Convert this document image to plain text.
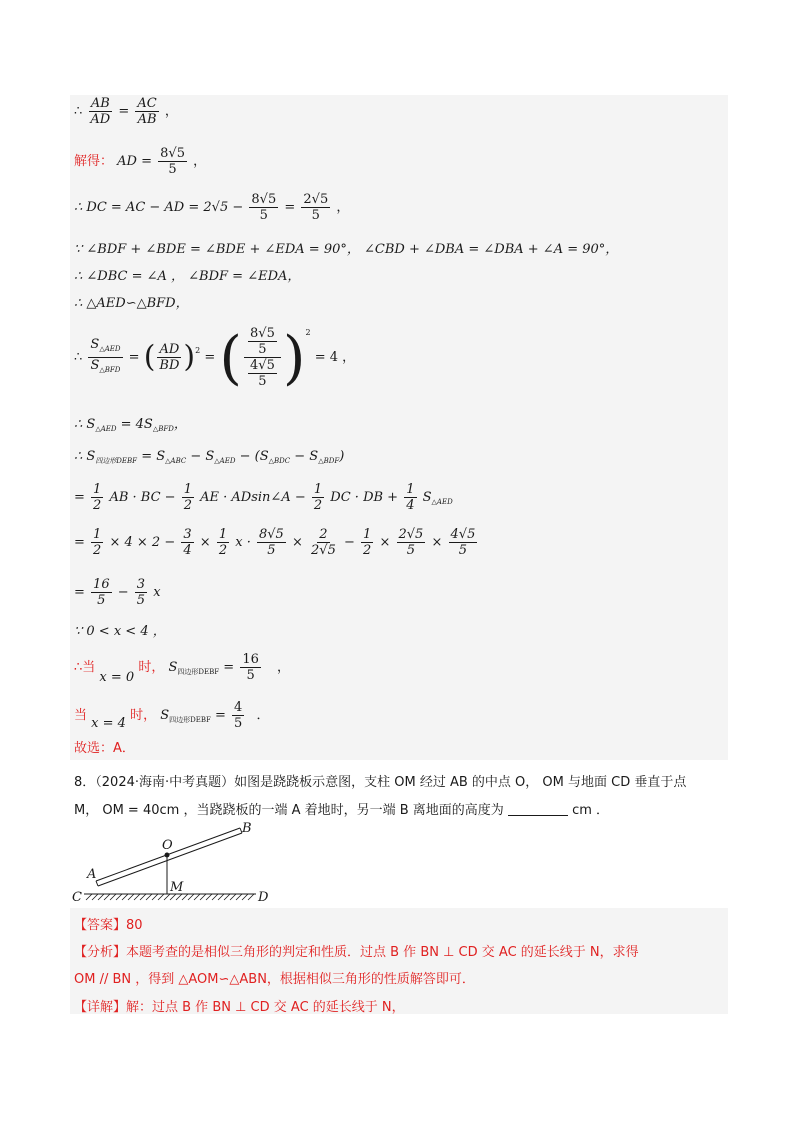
∴ $\frac{AB}{AD} = \frac{AC}{AB}$ ，
解得： AD = $\frac{8√5}{5}$ ，
∴ DC = AC − AD = $2√5 - \frac{8√5}{5} = \frac{2√5}{5}$ ，
∵ ∠BDF + ∠BDE = ∠BDE + ∠EDA = 90°， ∠CBD + ∠DBA = ∠DBA + ∠A = 90°，
∴ ∠DBC = ∠A ， ∠BDF = ∠EDA，
∴ △AED∽△BFD，
∴ $\frac{S_{\triangle AED}}{S_{\triangle BFD}}$ = ( $\frac{AD}{BD} )^2$ = ( $\frac{\frac{8√5}{5}}{\frac{4√5}{5}} )^2 = 4$ ，
∴ $S_{\triangle AED} = 4S_{\triangle BFD}$，
∴ $S_{四边形DEBF} = S_{\triangle ABC} - S_{\triangle AED} - (S_{\triangle BDC} - S_{\triangle BDF})$
= $\frac{1}{2}$ AB · BC − $\frac{1}{2}$ AE · ADsin∠A − $\frac{1}{2}$ DC · DB + $\frac{1}{4} S_{\triangle AED}$
= $\frac{1}{2} \times 4 \times 2 - \frac{3}{4} \times \frac{1}{2}$ $x \cdot \frac{8√5}{5} \times \frac{2}{2√5} - \frac{1}{2} \times \frac{2√5}{5} \times \frac{4√5}{5}$
= $\frac{16}{5} - \frac{3}{5}$ x
∵ 0 < x < 4 ，
∴当 x = 0 时， $S_{四边形DEBF} = \frac{16}{5}$ ，
当 x = 4 时， $S_{四边形DEBF} = \frac{4}{5}$ ．
故选：A．
8．（2024·海南·中考真题）如图是跷跷板示意图，支柱 OM 经过 AB 的中点 O， OM 与地面 CD 垂直于点
M， OM = 40cm ，当跷跷板的一端 A 着地时，另一端 B 离地面的高度为	cm ．
A
B
O
M
C	D
【答案】80
【分析】本题考查的是相似三角形的判定和性质．过点 B 作 BN ⊥ CD 交 AC 的延长线于 N，求得
OM // BN ，得到 △AOM∽△ABN，根据相似三角形的性质解答即可．
【详解】解：过点 B 作 BN ⊥ CD 交 AC 的延长线于 N，
